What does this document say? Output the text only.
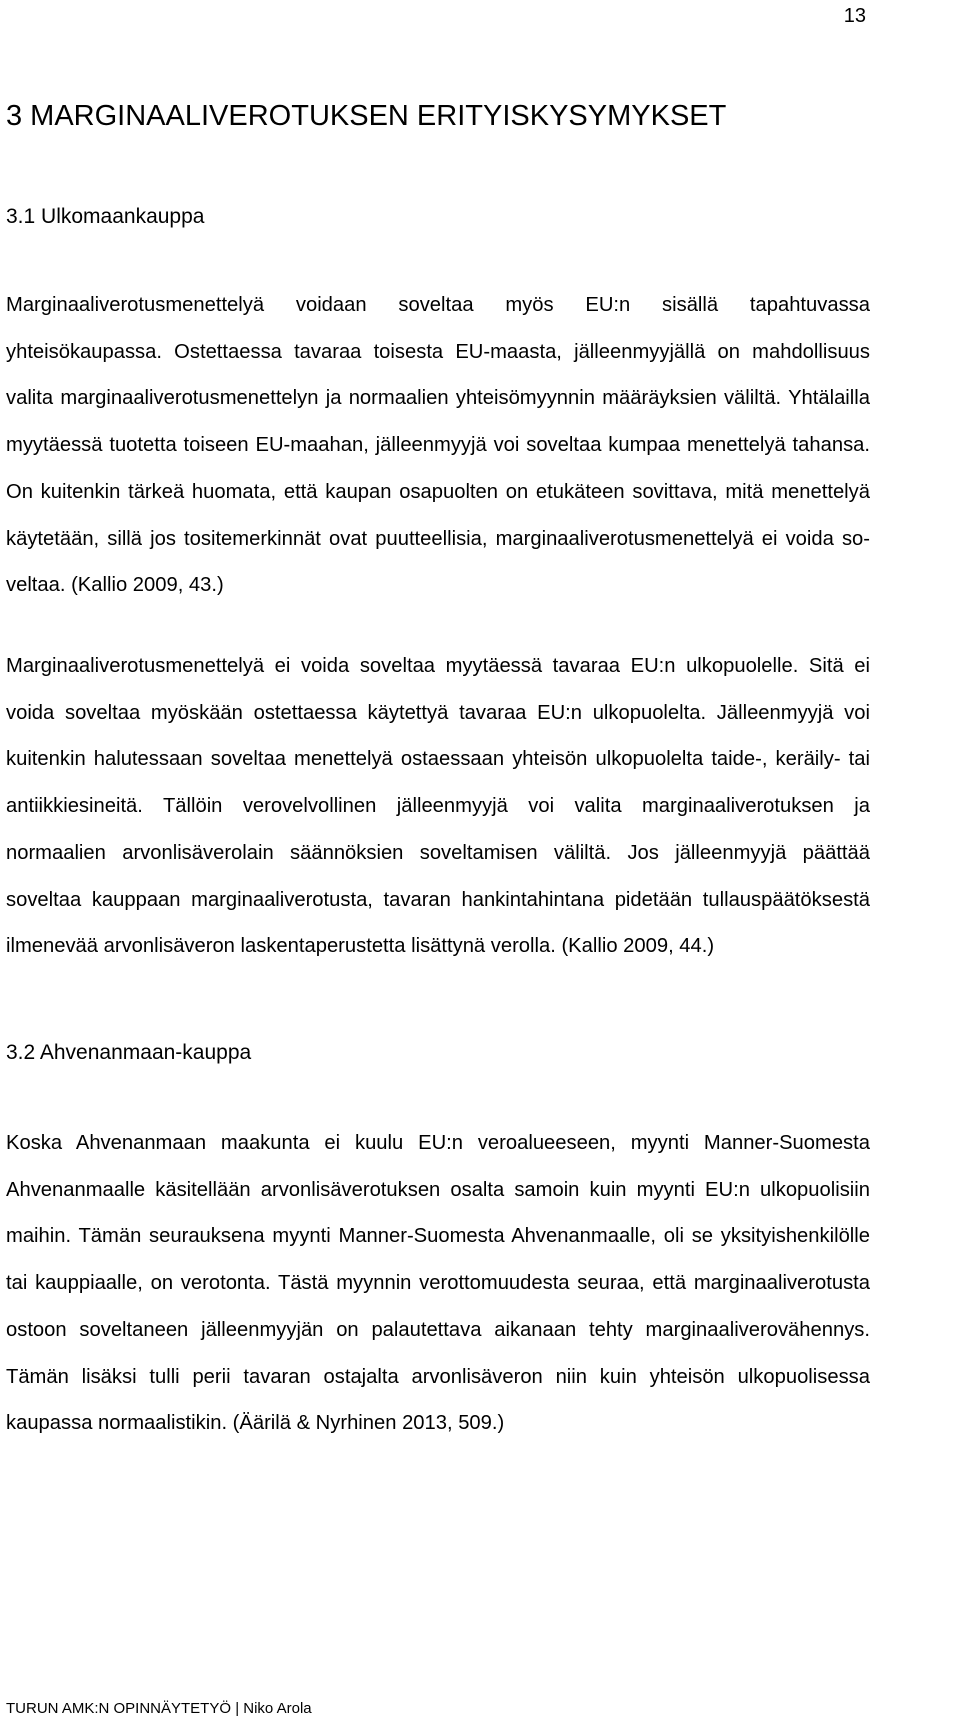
13
3 MARGINAALIVEROTUKSEN ERITYISKYSYMYKSET
3.1 Ulkomaankauppa

Marginaaliverotusmenettelyä voidaan soveltaa myös EU:n sisällä tapahtuvassa yhteisökaupassa. Ostettaessa tavaraa toisesta EU-maasta, jälleenmyyjällä on mahdollisuus valita marginaaliverotusmenettelyn ja normaalien yhteisömyynnin määräyksien väliltä. Yhtälailla myytäessä tuotetta toiseen EU-maahan, jälleenmyyjä voi soveltaa kumpaa menettelyä tahansa. On kuitenkin tärkeä huomata, että kaupan osapuolten on etukäteen sovittava, mitä menettelyä käytetään, sillä jos tositemerkinnät ovat puutteellisia, marginaaliverotusmenettelyä ei voida soveltaa. (Kallio 2009, 43.)

Marginaaliverotusmenettelyä ei voida soveltaa myytäessä tavaraa EU:n ulkopuolelle. Sitä ei voida soveltaa myöskään ostettaessa käytettyä tavaraa EU:n ulkopuolelta. Jälleenmyyjä voi kuitenkin halutessaan soveltaa menettelyä ostaessaan yhteisön ulkopuolelta taide-, keräily- tai antiikkiesineitä. Tällöin verovelvollinen jälleenmyyjä voi valita marginaaliverotuksen ja normaalien arvonlisäverolain säännöksien soveltamisen väliltä. Jos jälleenmyyjä päättää soveltaa kauppaan marginaaliverotusta, tavaran hankintahintana pidetään tullauspäätöksestä ilmenevää arvonlisäveron laskentaperustetta lisättynä verolla. (Kallio 2009, 44.)

3.2 Ahvenanmaan-kauppa

Koska Ahvenanmaan maakunta ei kuulu EU:n veroalueeseen, myynti Manner-Suomesta Ahvenanmaalle käsitellään arvonlisäverotuksen osalta samoin kuin myynti EU:n ulkopuolisiin maihin. Tämän seurauksena myynti Manner-Suomesta Ahvenanmaalle, oli se yksityishenkilölle tai kauppiaalle, on verotonta. Tästä myynnin verottomuudesta seuraa, että marginaaliverotusta ostoon soveltaneen jälleenmyyjän on palautettava aikanaan tehty marginaaliverovähennys. Tämän lisäksi tulli perii tavaran ostajalta arvonlisäveron niin kuin yhteisön ulkopuolisessa kaupassa normaalistikin. (Äärilä & Nyrhinen 2013, 509.)

TURUN AMK:N OPINNÄYTETYÖ | Niko Arola
